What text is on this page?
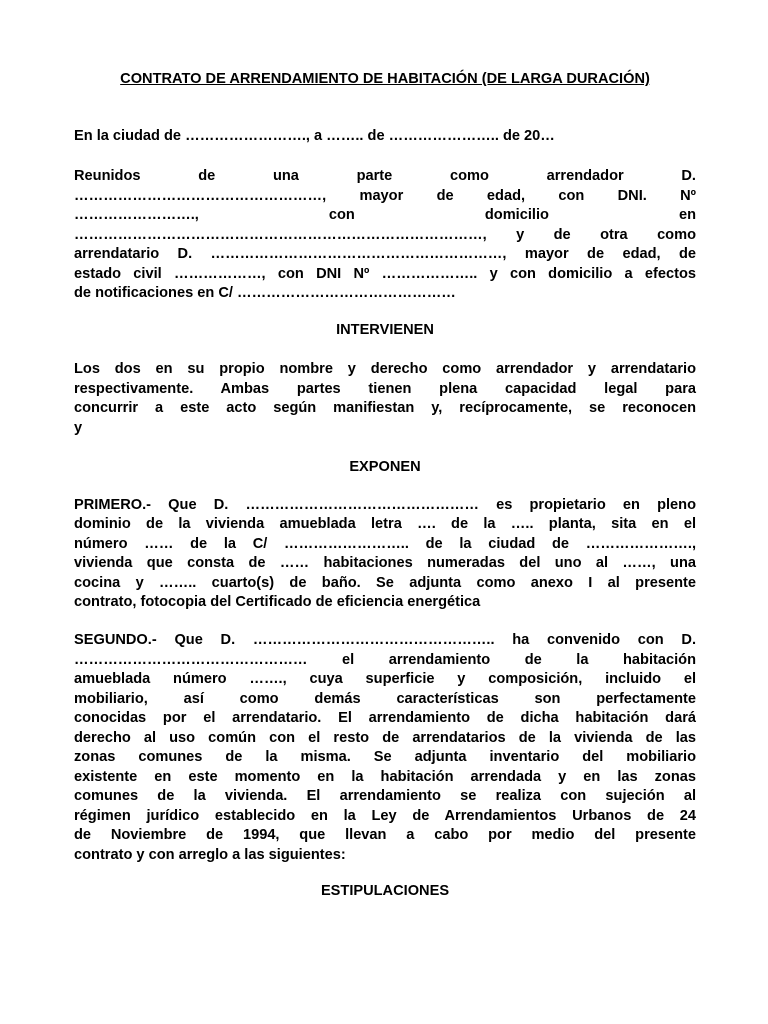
CONTRATO DE ARRENDAMIENTO DE HABITACIÓN (DE LARGA DURACIÓN)
En la ciudad de ……………………., a …….. de ………………….. de 20…
Reunidos de una parte como arrendador D.
……………………………………………, mayor de edad, con DNI. Nº
……………………., con domicilio en
…………………………………………………………………………, y de otra como
arrendatario D. ……………………………………………………, mayor de edad, de
estado civil ………………, con DNI Nº ……………….. y con domicilio a efectos
de notificaciones en C/ ………………………………………
INTERVIENEN
Los dos en su propio nombre y derecho como arrendador y arrendatario
respectivamente. Ambas partes tienen plena capacidad legal para
concurrir a este acto según manifiestan y, recíprocamente, se reconocen
y
EXPONEN
PRIMERO.- Que D. ………………………………………… es propietario en pleno
dominio de la vivienda amueblada letra …. de la ….. planta, sita en el
número …… de la C/ …………………….. de la ciudad de ………………….,
vivienda que consta de …… habitaciones numeradas del uno al ……, una
cocina y …….. cuarto(s) de baño. Se adjunta como anexo I al presente
contrato, fotocopia del Certificado de eficiencia energética
SEGUNDO.- Que D. ………………………………………….. ha convenido con D.
………………………………………… el arrendamiento de la habitación
amueblada número ……., cuya superficie y composición, incluido el
mobiliario, así como demás características son perfectamente
conocidas por el arrendatario. El arrendamiento de dicha habitación dará
derecho al uso común con el resto de arrendatarios de la vivienda de las
zonas comunes de la misma. Se adjunta inventario del mobiliario
existente en este momento en la habitación arrendada y en las zonas
comunes de la vivienda. El arrendamiento se realiza con sujeción al
régimen jurídico establecido en la Ley de Arrendamientos Urbanos de 24
de Noviembre de 1994, que llevan a cabo por medio del presente
contrato y con arreglo a las siguientes:
ESTIPULACIONES
